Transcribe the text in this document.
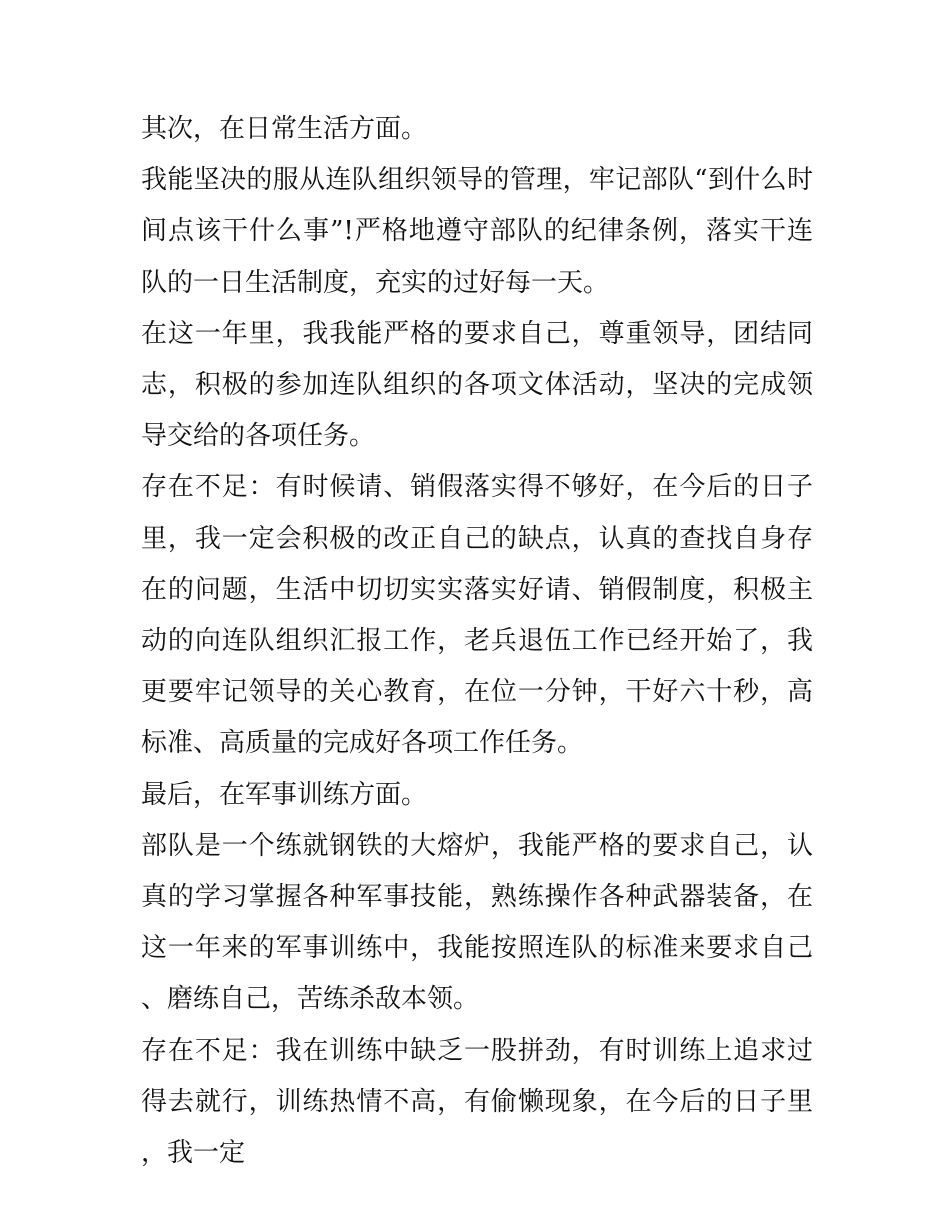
其次，在日常生活方面。

我能坚决的服从连队组织领导的管理，牢记部队“到什么时间点该干什么事”!严格地遵守部队的纪律条例，落实干连队的一日生活制度，充实的过好每一天。

在这一年里，我我能严格的要求自己，尊重领导，团结同志，积极的参加连队组织的各项文体活动，坚决的完成领导交给的各项任务。

存在不足：有时候请、销假落实得不够好，在今后的日子里，我一定会积极的改正自己的缺点，认真的查找自身存在的问题，生活中切切实实落实好请、销假制度，积极主动的向连队组织汇报工作，老兵退伍工作已经开始了，我更要牢记领导的关心教育，在位一分钟，干好六十秒，高标准、高质量的完成好各项工作任务。

最后，在军事训练方面。

部队是一个练就钢铁的大熔炉，我能严格的要求自己，认真的学习掌握各种军事技能，熟练操作各种武器装备，在这一年来的军事训练中，我能按照连队的标准来要求自己、磨练自己，苦练杀敌本领。

存在不足：我在训练中缺乏一股拼劲，有时训练上追求过得去就行，训练热情不高，有偷懒现象，在今后的日子里，我一定
